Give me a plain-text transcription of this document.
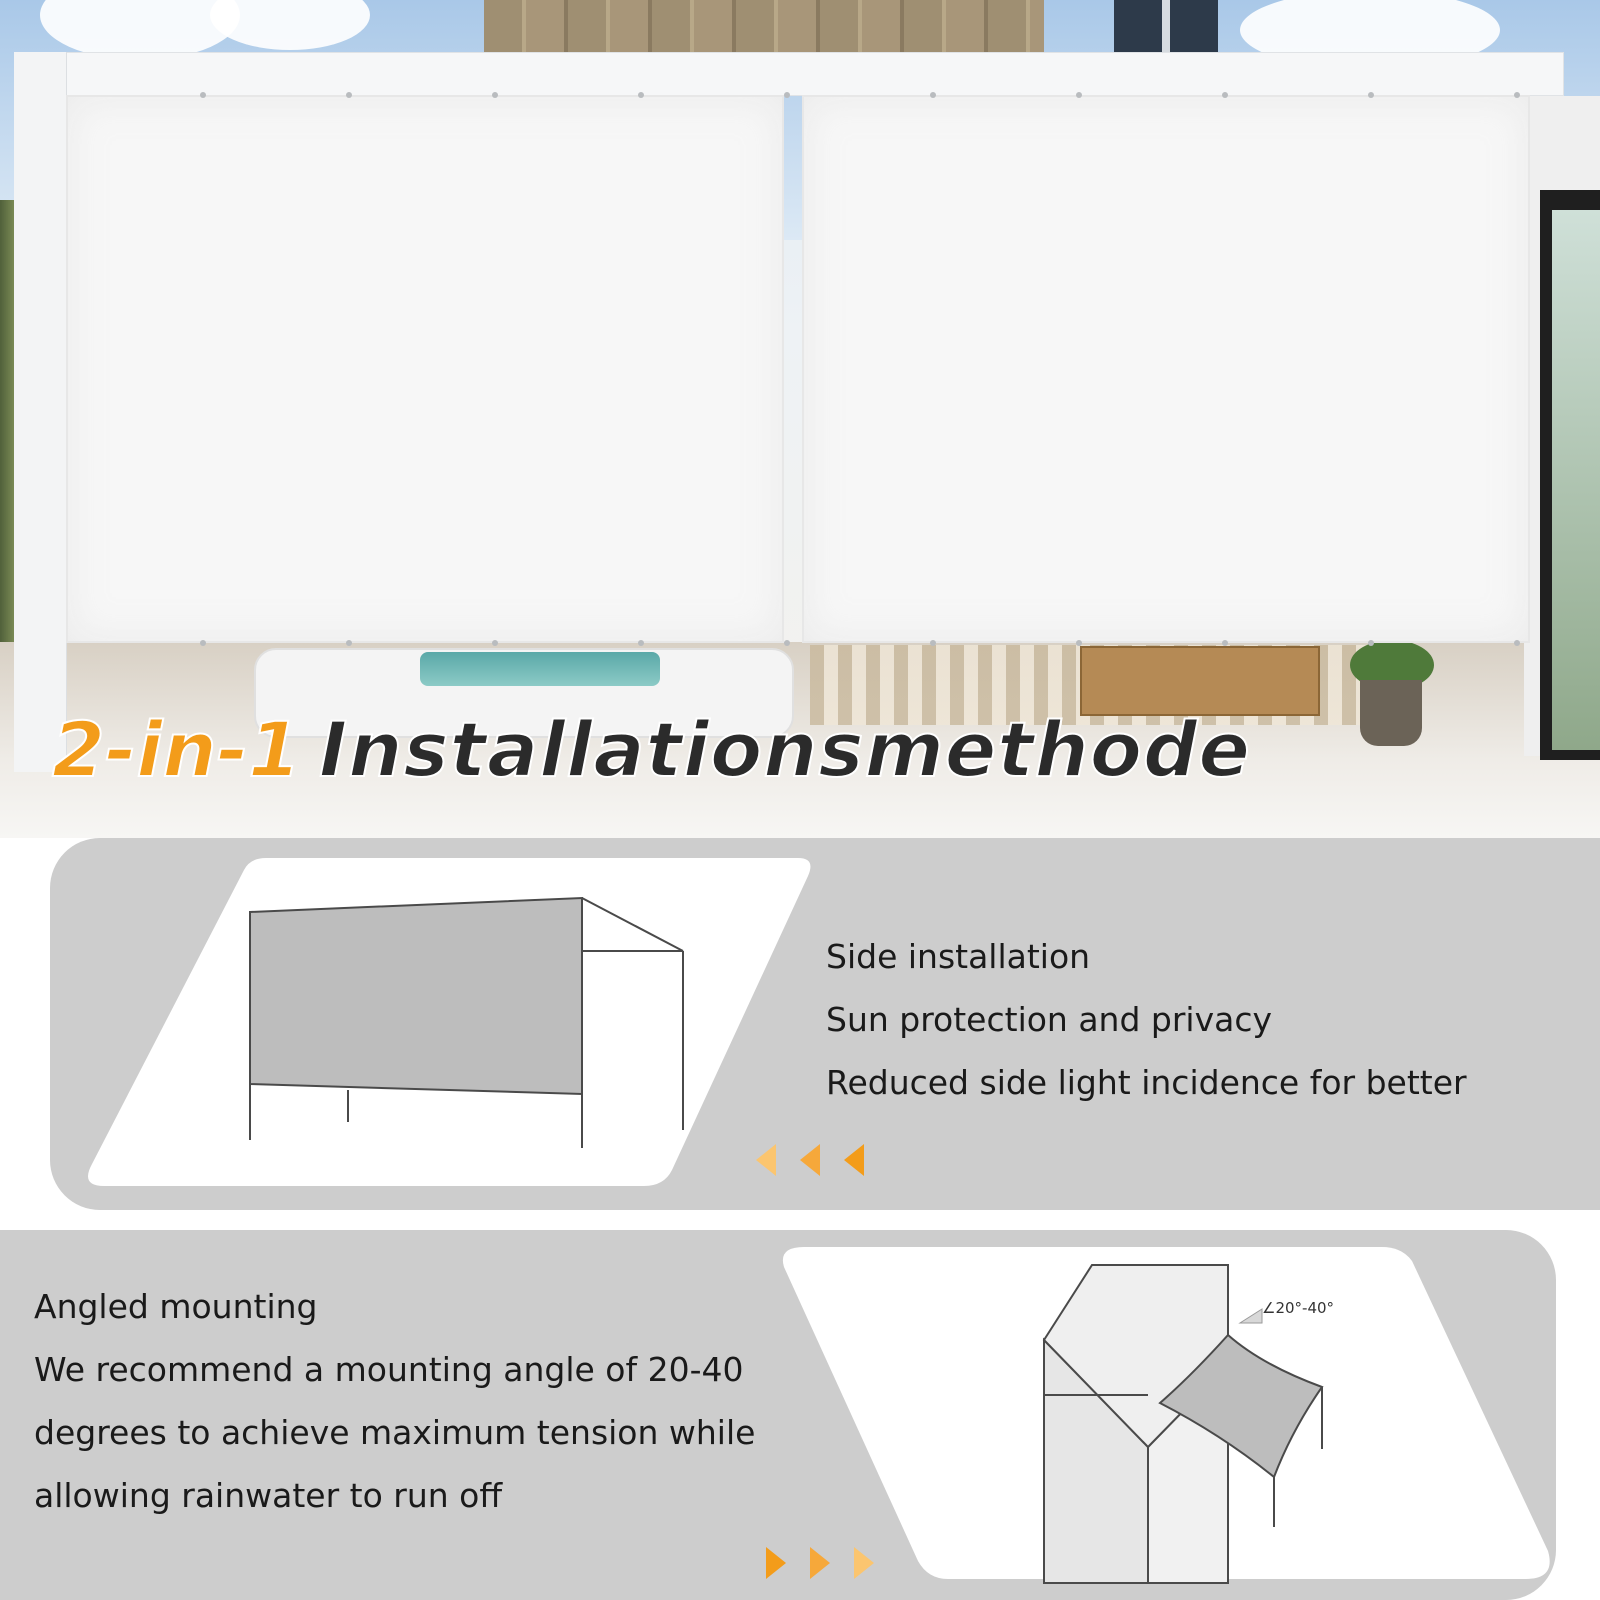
2-in-1 Installationsmethode
Side installation
Sun protection and privacy
Reduced side light incidence for better
Angled mounting
We recommend a mounting angle of 20-40
degrees to achieve maximum tension while
allowing rainwater to run off
∠20°-40°
